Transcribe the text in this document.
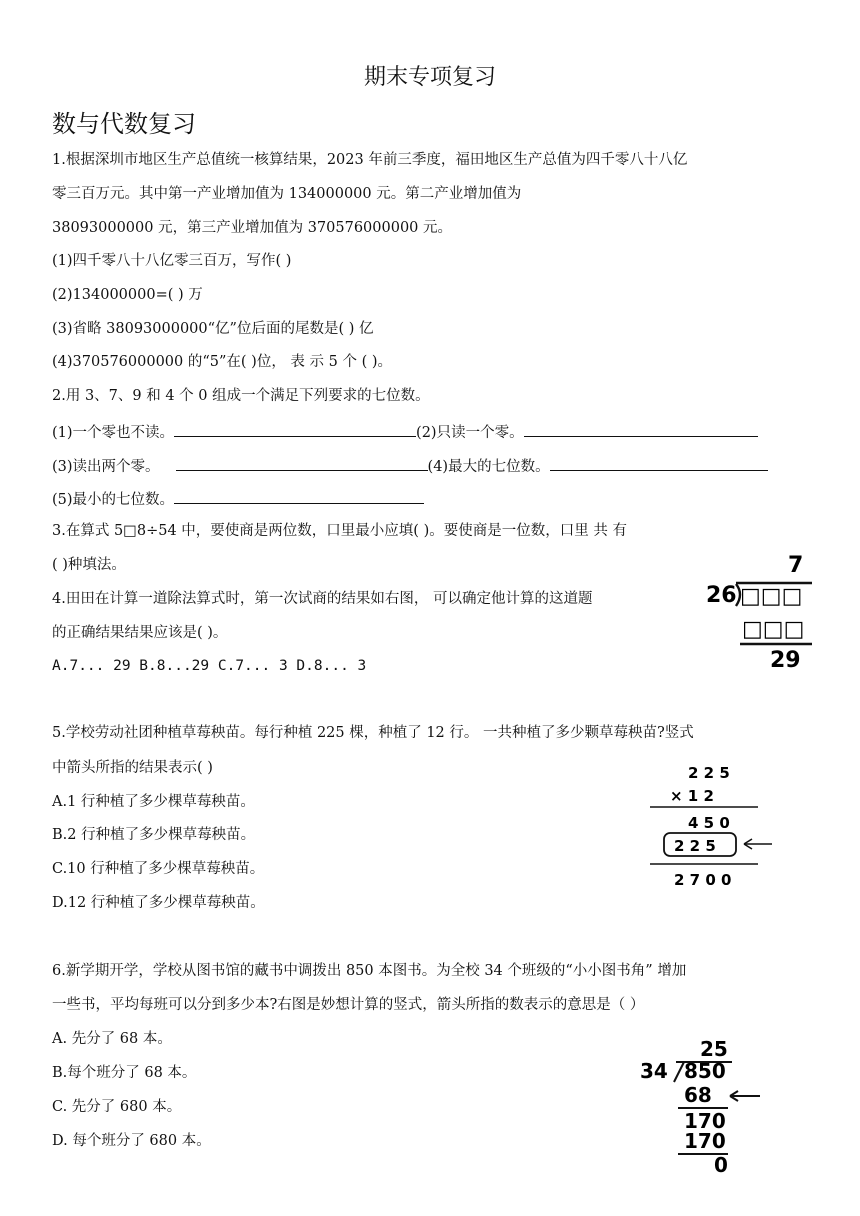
期末专项复习
数与代数复习
1.根据深圳市地区生产总值统一核算结果，2023 年前三季度，福田地区生产总值为四千零八十八亿
零三百万元。其中第一产业增加值为 134000000 元。第二产业增加值为
38093000000 元，第三产业增加值为 370576000000 元。
(1)四千零八十八亿零三百万，写作( )
(2)134000000=( ) 万
(3)省略 38093000000“亿”位后面的尾数是( ) 亿
(4)370576000000 的“5”在( )位， 表 示 5 个 ( )。
2.用 3、7、9 和 4 个 0 组成一个满足下列要求的七位数。
(1)一个零也不读。	(2)只读一个零。
(3)读出两个零。	(4)最大的七位数。
(5)最小的七位数。
3.在算式 5□8÷54 中，要使商是两位数，口里最小应填( )。要使商是一位数，口里 共 有
( )种填法。
4.田田在计算一道除法算式时，第一次试商的结果如右图， 可以确定他计算的这道题
的正确结果结果应该是( )。
A.7... 29 B.8...29 C.7... 3 D.8... 3
7
26 □□□
□□□
29
5.学校劳动社团种植草莓秧苗。每行种植 225 棵，种植了 12 行。 一共种植了多少颗草莓秧苗?竖式
中箭头所指的结果表示( )
A.1 行种植了多少棵草莓秧苗。
B.2 行种植了多少棵草莓秧苗。
C.10 行种植了多少棵草莓秧苗。
D.12 行种植了多少棵草莓秧苗。
2 2 5
× 1 2
4 5 0
2 2 5
2 7 0 0
6.新学期开学，学校从图书馆的藏书中调拨出 850 本图书。为全校 34 个班级的“小小图书角” 增加
一些书，平均每班可以分到多少本?右图是妙想计算的竖式，箭头所指的数表示的意思是（ ）
A. 先分了 68 本。
B.每个班分了 68 本。
C. 先分了 680 本。
D. 每个班分了 680 本。
25
34 850
68
170
170
0
